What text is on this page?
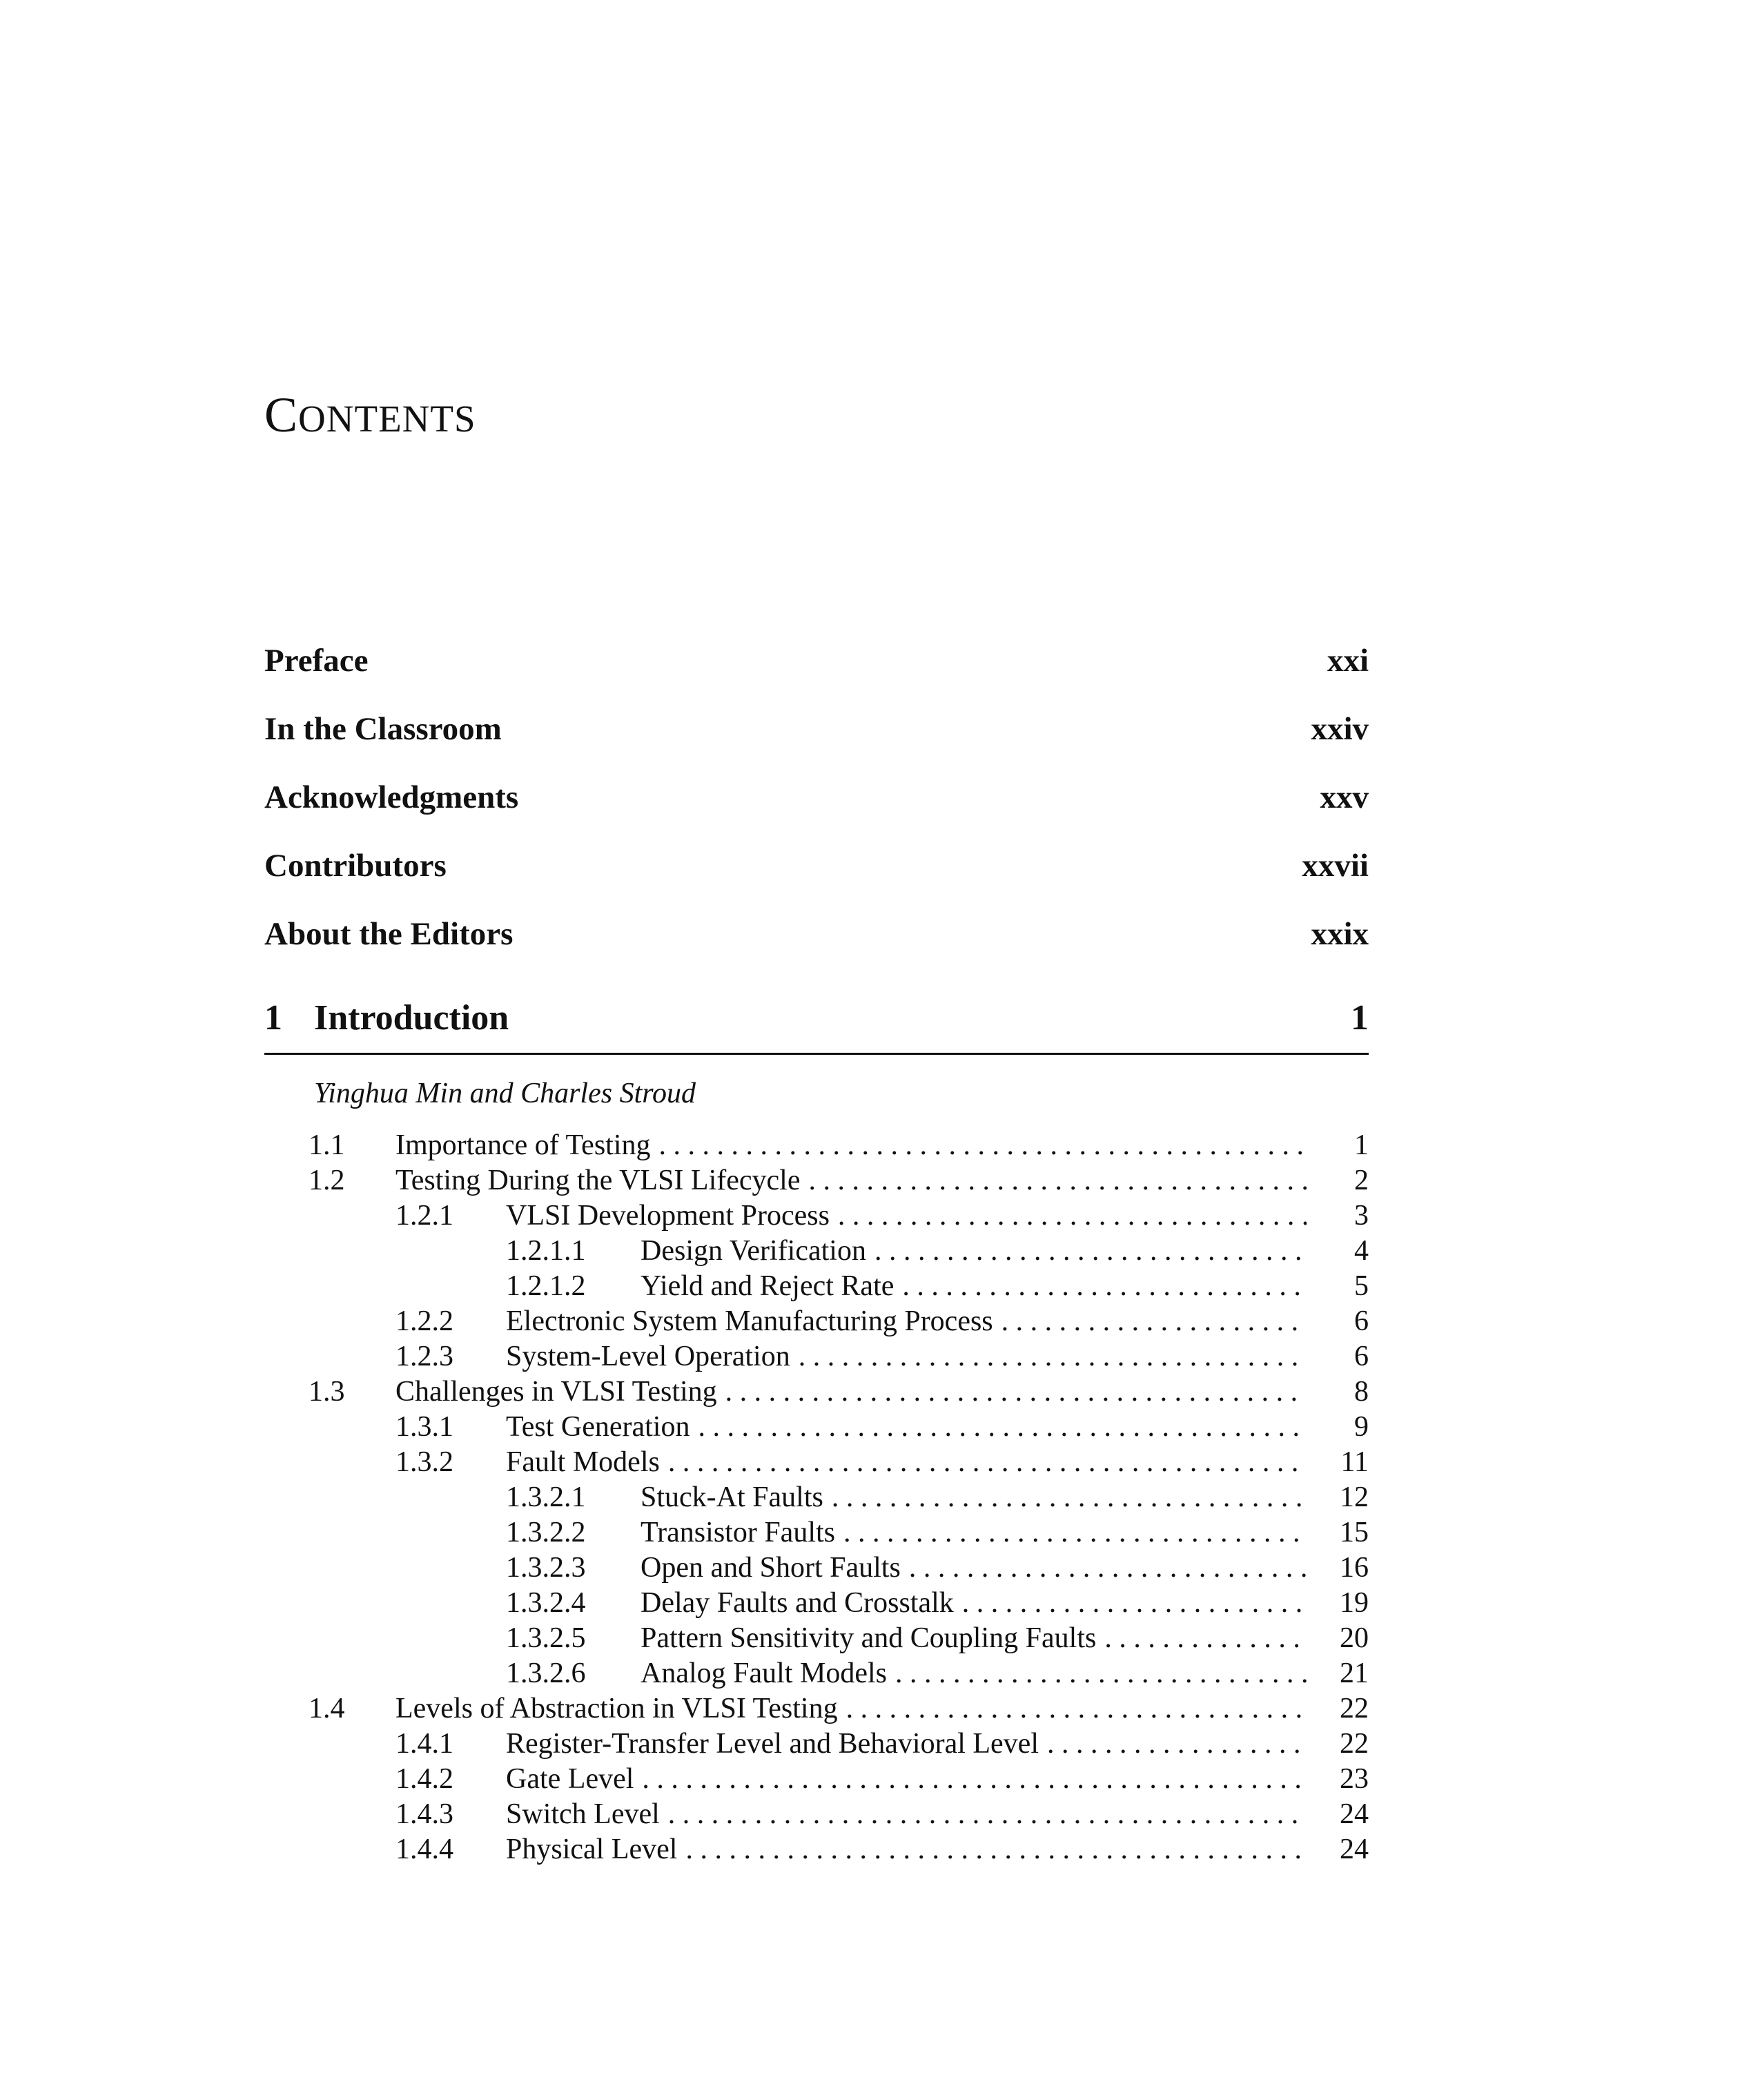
CONTENTS
Preface	xxi
In the Classroom	xxiv
Acknowledgments	xxv
Contributors	xxvii
About the Editors	xxix
1 Introduction	1
Yinghua Min and Charles Stroud
1.1 Importance of Testing . . .	1
1.2 Testing During the VLSI Lifecycle . . .	2
1.2.1 VLSI Development Process . . .	3
1.2.1.1 Design Verification . . .	4
1.2.1.2 Yield and Reject Rate . . .	5
1.2.2 Electronic System Manufacturing Process . . .	6
1.2.3 System-Level Operation . . .	6
1.3 Challenges in VLSI Testing . . .	8
1.3.1 Test Generation . . .	9
1.3.2 Fault Models . . .	11
1.3.2.1 Stuck-At Faults . . .	12
1.3.2.2 Transistor Faults . . .	15
1.3.2.3 Open and Short Faults . . .	16
1.3.2.4 Delay Faults and Crosstalk . . .	19
1.3.2.5 Pattern Sensitivity and Coupling Faults . . .	20
1.3.2.6 Analog Fault Models . . .	21
1.4 Levels of Abstraction in VLSI Testing . . .	22
1.4.1 Register-Transfer Level and Behavioral Level . . .	22
1.4.2 Gate Level . . .	23
1.4.3 Switch Level . . .	24
1.4.4 Physical Level . . .	24
